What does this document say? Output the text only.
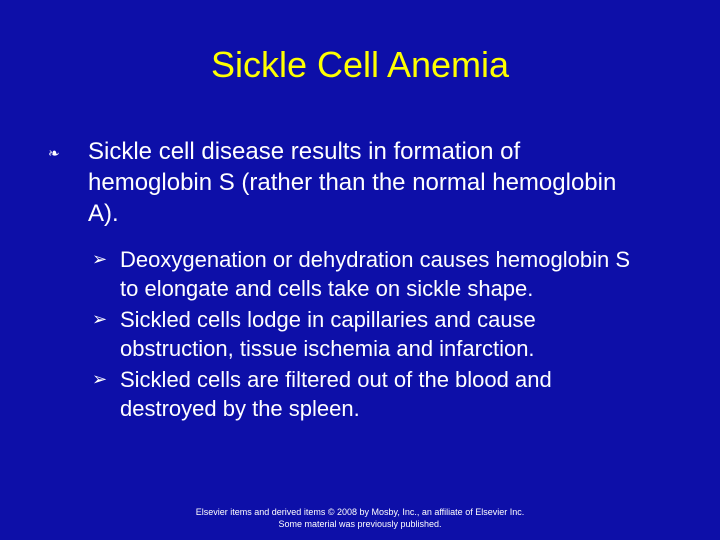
Sickle Cell Anemia
❧	Sickle cell disease results in formation of hemoglobin S (rather than the normal hemoglobin A).
➢ Deoxygenation or dehydration causes hemoglobin S to elongate and cells take on sickle shape.
➢ Sickled cells lodge in capillaries and cause obstruction, tissue ischemia and infarction.
➢ Sickled cells are filtered out of the blood and destroyed by the spleen.
Elsevier items and derived items © 2008 by Mosby, Inc., an affiliate of Elsevier Inc.
Some material was previously published.
